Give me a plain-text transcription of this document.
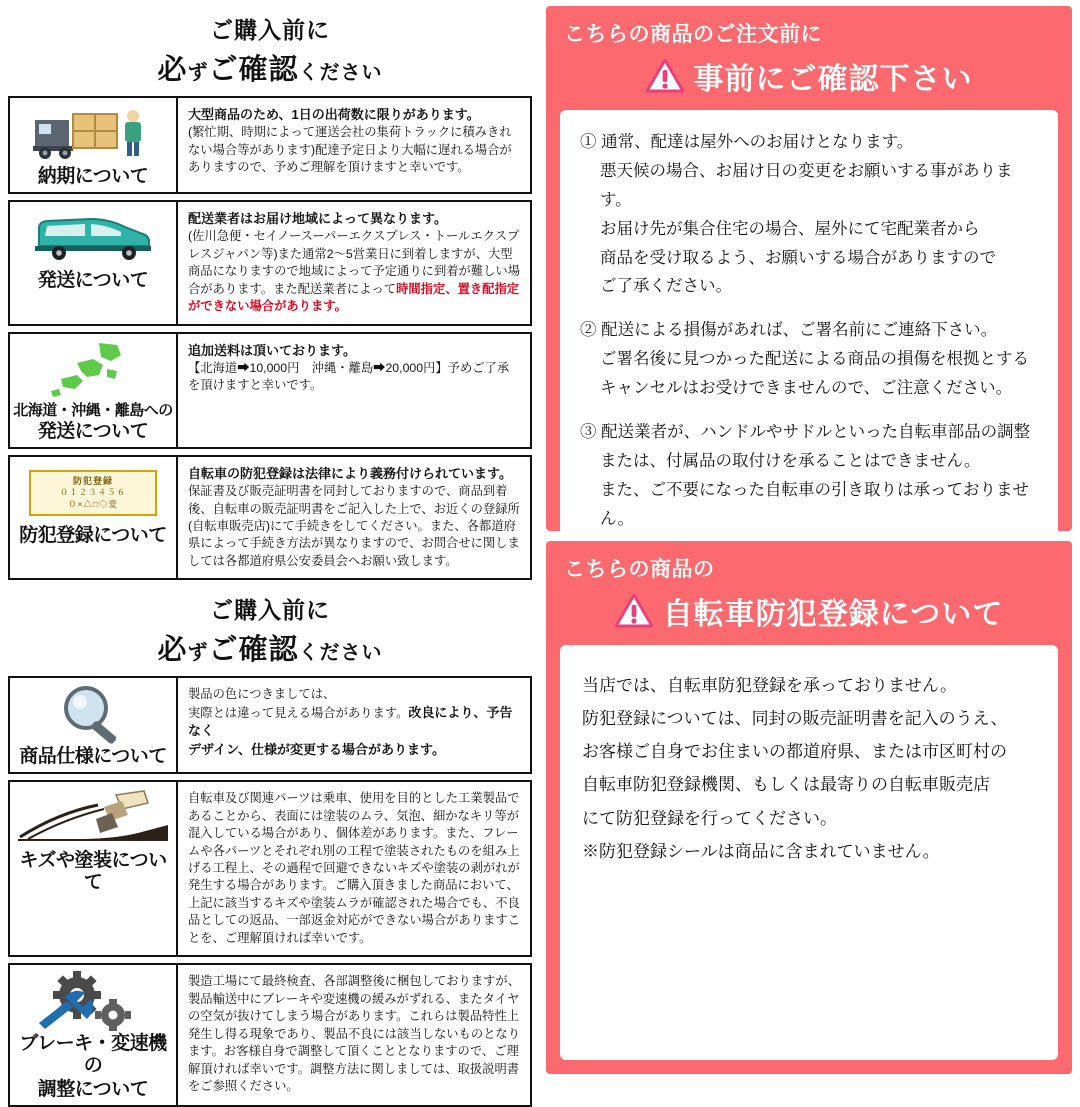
ご購入前に
必ずご確認ください
納期について
大型商品のため、1日の出荷数に限りがあります。
(繁忙期、時期によって運送会社の集荷トラックに積みきれない場合等があります)配達予定日より大幅に遅れる場合がありますので、予めご理解を頂けますと幸いです。
発送について
配送業者はお届け地域によって異なります。
(佐川急便・セイノースーパーエクスプレス・トールエクスプレスジャパン等)また通常2～5営業日に到着しますが、大型商品になりますので地域によって予定通りに到着が難しい場合があります。また配送業者によって時間指定、置き配指定ができない場合があります。
北海道・沖縄・離島への
発送について
追加送料は頂いております。
【北海道➡10,000円　沖縄・離島➡20,000円】予めご了承を頂けますと幸いです。
防犯登録
０１２３４５６
０×△□◇愛
防犯登録について
自転車の防犯登録は法律により義務付けられています。 保証書及び販売証明書を同封しておりますので、商品到着後、自転車の販売証明書をご記入した上で、お近くの登録所(自転車販売店)にて手続きをしてください。また、各都道府県によって手続き方法が異なりますので、お問合せに関しましては各都道府県公安委員会へお願い致します。
ご購入前に
必ずご確認ください
商品仕様について
製品の色につきましては、
実際とは違って見える場合があります。改良により、予告なく
デザイン、仕様が変更する場合があります。
キズや塗装について
自転車及び関連パーツは乗車、使用を目的とした工業製品であることから、表面には塗装のムラ、気泡、細かなキリ等が混入している場合があり、個体差があります。また、フレームや各パーツとそれぞれ別の工程で塗装されたものを組み上げる工程上、その過程で回避できないキズや塗装の剥がれが発生する場合があります。ご購入頂きました商品において、上記に該当するキズや塗装ムラが確認された場合でも、不良品としての返品、一部返金対応ができない場合がありますことを、ご理解頂ければ幸いです。
ブレーキ・変速機の
調整について
製造工場にて最終検査、各部調整後に梱包しておりますが、製品輸送中にブレーキや変速機の緩みがずれる、またタイヤの空気が抜けてしまう場合があります。これらは製品特性上発生し得る現象であり、製品不良には該当しないものとなります。お客様自身で調整して頂くこととなりますので、ご理解頂ければ幸いです。調整方法に関しましては、取扱説明書をご参照ください。
こちらの商品のご注文前に
事前にご確認下さい
① 通常、配達は屋外へのお届けとなります。
悪天候の場合、お届け日の変更をお願いする事があります。
お届け先が集合住宅の場合、屋外にて宅配業者から
商品を受け取るよう、お願いする場合がありますので
ご了承ください。
② 配送による損傷があれば、ご署名前にご連絡下さい。
ご署名後に見つかった配送による商品の損傷を根拠とする
キャンセルはお受けできませんので、ご注意ください。
③ 配送業者が、ハンドルやサドルといった自転車部品の調整
または、付属品の取付けを承ることはできません。
また、ご不要になった自転車の引き取りは承っておりません。
こちらの商品の
自転車防犯登録について
当店では、自転車防犯登録を承っておりません。
防犯登録については、同封の販売証明書を記入のうえ、
お客様ご自身でお住まいの都道府県、または市区町村の
自転車防犯登録機関、もしくは最寄りの自転車販売店
にて防犯登録を行ってください。
※防犯登録シールは商品に含まれていません。
